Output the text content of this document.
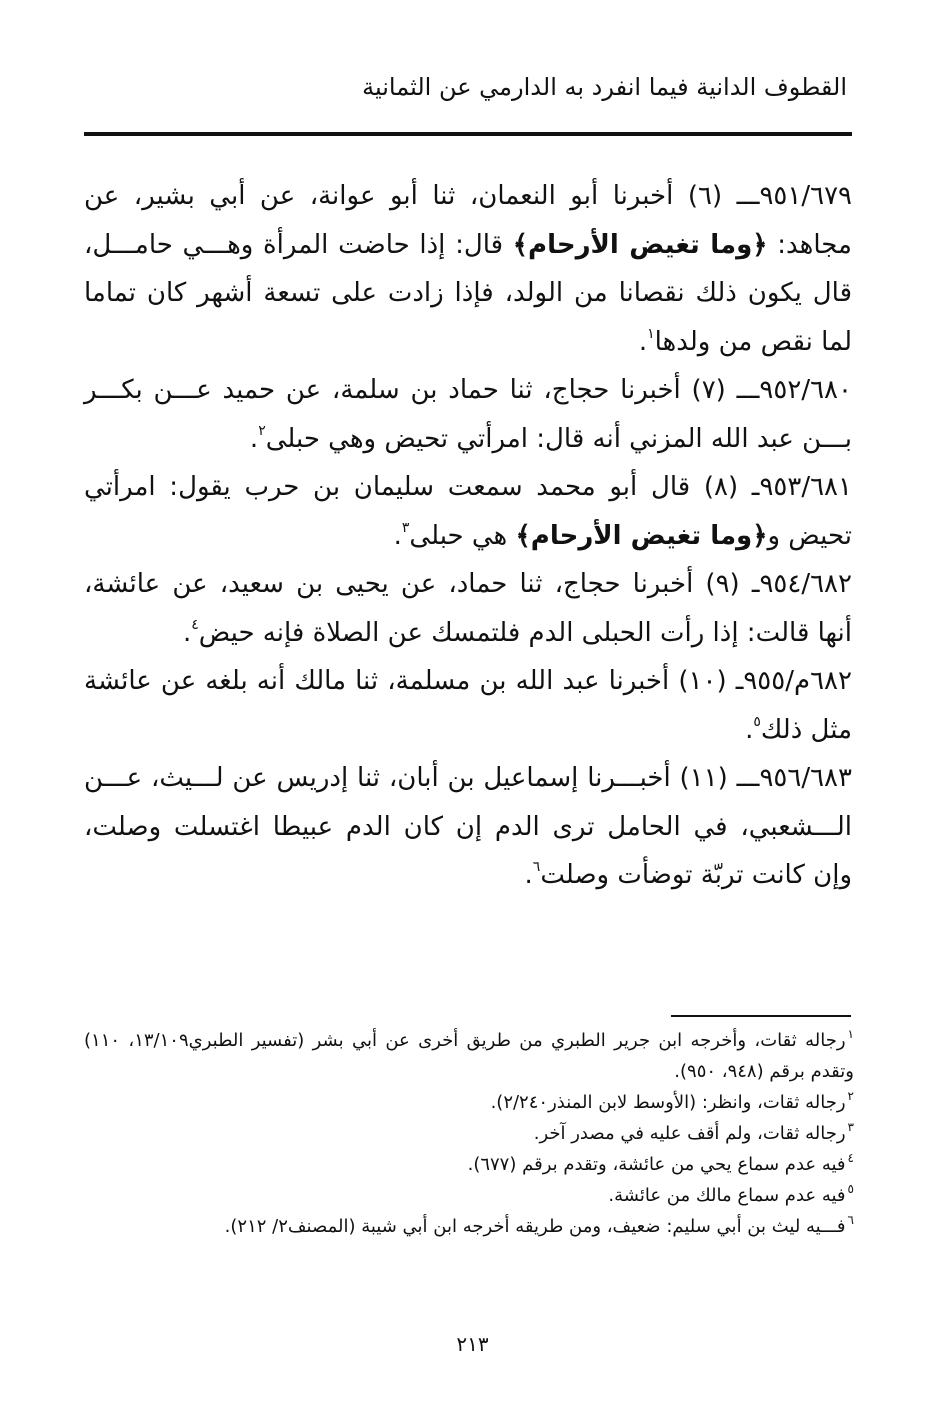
القطوف الدانية فيما انفرد به الدارمي عن الثمانية

٩٥١/٦٧٩ـــ (٦) أخبرنا أبو النعمان، ثنا أبو عوانة، عن أبي بشير، عن مجاهد: ﴿وما تغيض الأرحام﴾ قال: إذا حاضت المرأة وهـــي حامـــل، قال يكون ذلك نقصانا من الولد، فإذا زادت على تسعة أشهر كان تماما لما نقص من ولدها$^١$.

٩٥٢/٦٨٠ـــ (٧) أخبرنا حجاج، ثنا حماد بن سلمة، عن حميد عـــن بكـــر بـــن عبد الله المزني أنه قال: امرأتي تحيض وهي حبلى$^٢$.

٩٥٣/٦٨١ـ (٨) قال أبو محمد سمعت سليمان بن حرب يقول: امرأتي تحيض و﴿وما تغيض الأرحام﴾ هي حبلى$^٣$.

٩٥٤/٦٨٢ـ (٩) أخبرنا حجاج، ثنا حماد، عن يحيى بن سعيد، عن عائشة، أنها قالت: إذا رأت الحبلى الدم فلتمسك عن الصلاة فإنه حيض$^٤$.

٦٨٢م/٩٥٥ـ (١٠) أخبرنا عبد الله بن مسلمة، ثنا مالك أنه بلغه عن عائشة مثل ذلك$^٥$.

٩٥٦/٦٨٣ـــ (١١) أخبـــرنا إسماعيل بن أبان، ثنا إدريس عن لـــيث، عـــن الـــشعبي، في الحامل ترى الدم إن كان الدم عبيطا اغتسلت وصلت، وإن كانت تربّة توضأت وصلت$^٦$.

$^١$رجاله ثقات، وأخرجه ابن جرير الطبري من طريق أخرى عن أبي بشر (تفسير الطبري١٣/١٠٩، ١١٠) وتقدم برقم (٩٤٨، ٩٥٠).

$^٢$رجاله ثقات، وانظر: (الأوسط لابن المنذر٢/٢٤٠).

$^٣$رجاله ثقات، ولم أقف عليه في مصدر آخر.

$^٤$فيه عدم سماع يحي من عائشة، وتقدم برقم (٦٧٧).

$^٥$فيه عدم سماع مالك من عائشة.

$^٦$فـــيه ليث بن أبي سليم: ضعيف، ومن طريقه أخرجه ابن أبي شيبة (المصنف٢/ ٢١٢).

٢١٣
